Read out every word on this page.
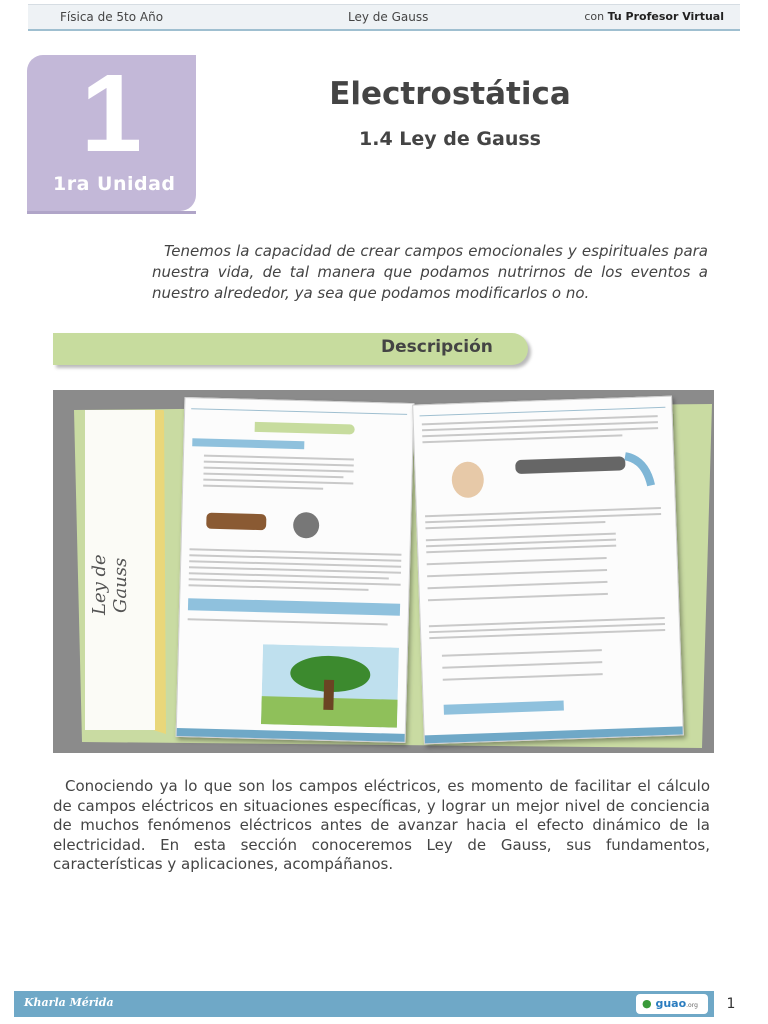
Física de 5to Año	Ley de Gauss	con Tu Profesor Virtual
1
1ra Unidad
Electrostática
1.4 Ley de Gauss

Tenemos la capacidad de crear campos emocionales y espirituales para nuestra vida, de tal manera que podamos nutrirnos de los eventos a nuestro alrededor, ya sea que podamos modificarlos o no.

Descripción
Ley de Gauss

Conociendo ya lo que son los campos eléctricos, es momento de facilitar el cálculo de campos eléctricos en situaciones específicas, y lograr un mejor nivel de conciencia de muchos fenómenos eléctricos antes de avanzar hacia el efecto dinámico de la electricidad. En esta sección conoceremos Ley de Gauss, sus fundamentos, características y aplicaciones, acompáñanos.

Kharla Mérida	● guao.org	1
